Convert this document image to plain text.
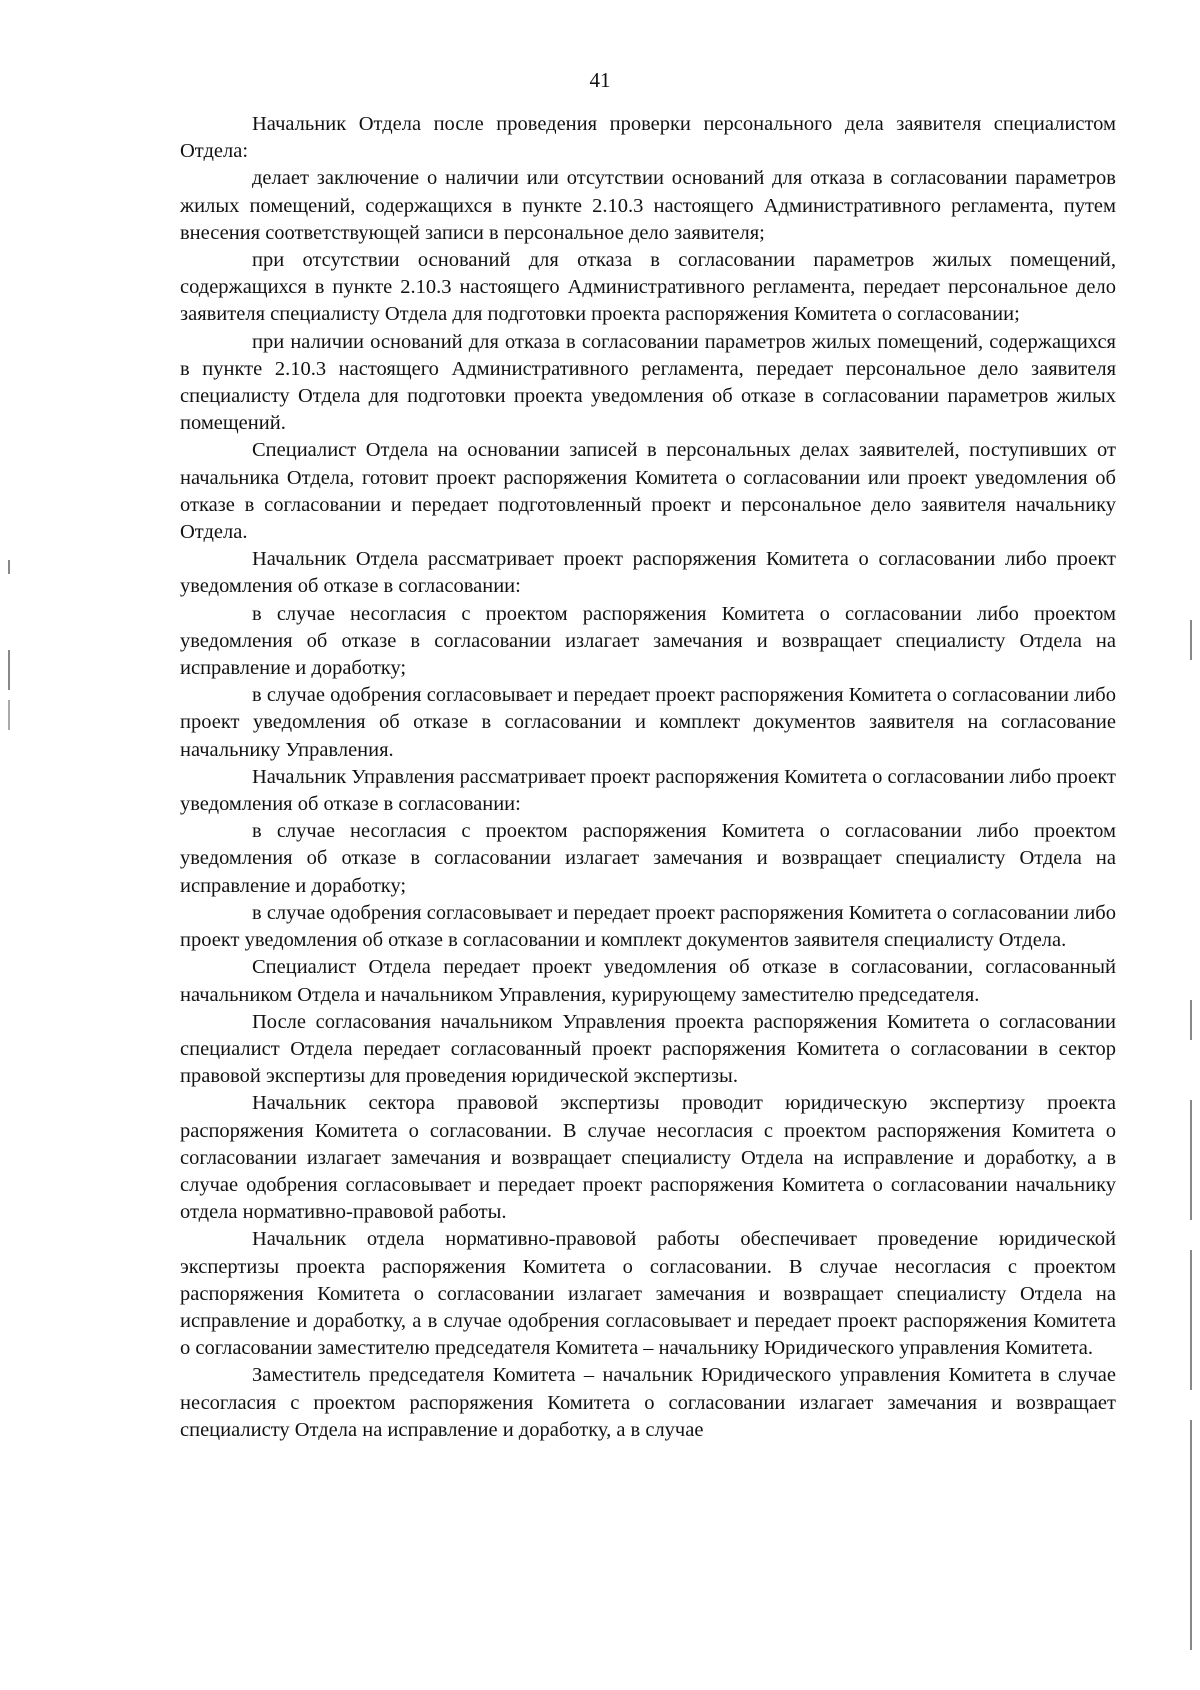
41

Начальник Отдела после проведения проверки персонального дела заявителя специалистом Отдела:

делает заключение о наличии или отсутствии оснований для отказа в согласовании параметров жилых помещений, содержащихся в пункте 2.10.3 настоящего Административного регламента, путем внесения соответствующей записи в персональное дело заявителя;

при отсутствии оснований для отказа в согласовании параметров жилых помещений, содержащихся в пункте 2.10.3 настоящего Административного регламента, передает персональное дело заявителя специалисту Отдела для подготовки проекта распоряжения Комитета о согласовании;

при наличии оснований для отказа в согласовании параметров жилых помещений, содержащихся в пункте 2.10.3 настоящего Административного регламента, передает персональное дело заявителя специалисту Отдела для подготовки проекта уведомления об отказе в согласовании параметров жилых помещений.

Специалист Отдела на основании записей в персональных делах заявителей, поступивших от начальника Отдела, готовит проект распоряжения Комитета о согласовании или проект уведомления об отказе в согласовании и передает подготовленный проект и персональное дело заявителя начальнику Отдела.

Начальник Отдела рассматривает проект распоряжения Комитета о согласовании либо проект уведомления об отказе в согласовании:

в случае несогласия с проектом распоряжения Комитета о согласовании либо проектом уведомления об отказе в согласовании излагает замечания и возвращает специалисту Отдела на исправление и доработку;

в случае одобрения согласовывает и передает проект распоряжения Комитета о согласовании либо проект уведомления об отказе в согласовании и комплект документов заявителя на согласование начальнику Управления.

Начальник Управления рассматривает проект распоряжения Комитета о согласовании либо проект уведомления об отказе в согласовании:

в случае несогласия с проектом распоряжения Комитета о согласовании либо проектом уведомления об отказе в согласовании излагает замечания и возвращает специалисту Отдела на исправление и доработку;

в случае одобрения согласовывает и передает проект распоряжения Комитета о согласовании либо проект уведомления об отказе в согласовании и комплект документов заявителя специалисту Отдела.

Специалист Отдела передает проект уведомления об отказе в согласовании, согласованный начальником Отдела и начальником Управления, курирующему заместителю председателя.

После согласования начальником Управления проекта распоряжения Комитета о согласовании специалист Отдела передает согласованный проект распоряжения Комитета о согласовании в сектор правовой экспертизы для проведения юридической экспертизы.

Начальник сектора правовой экспертизы проводит юридическую экспертизу проекта распоряжения Комитета о согласовании. В случае несогласия с проектом распоряжения Комитета о согласовании излагает замечания и возвращает специалисту Отдела на исправление и доработку, а в случае одобрения согласовывает и передает проект распоряжения Комитета о согласовании начальнику отдела нормативно-правовой работы.

Начальник отдела нормативно-правовой работы обеспечивает проведение юридической экспертизы проекта распоряжения Комитета о согласовании. В случае несогласия с проектом распоряжения Комитета о согласовании излагает замечания и возвращает специалисту Отдела на исправление и доработку, а в случае одобрения согласовывает и передает проект распоряжения Комитета о согласовании заместителю председателя Комитета – начальнику Юридического управления Комитета.

Заместитель председателя Комитета – начальник Юридического управления Комитета в случае несогласия с проектом распоряжения Комитета о согласовании излагает замечания и возвращает специалисту Отдела на исправление и доработку, а в случае
